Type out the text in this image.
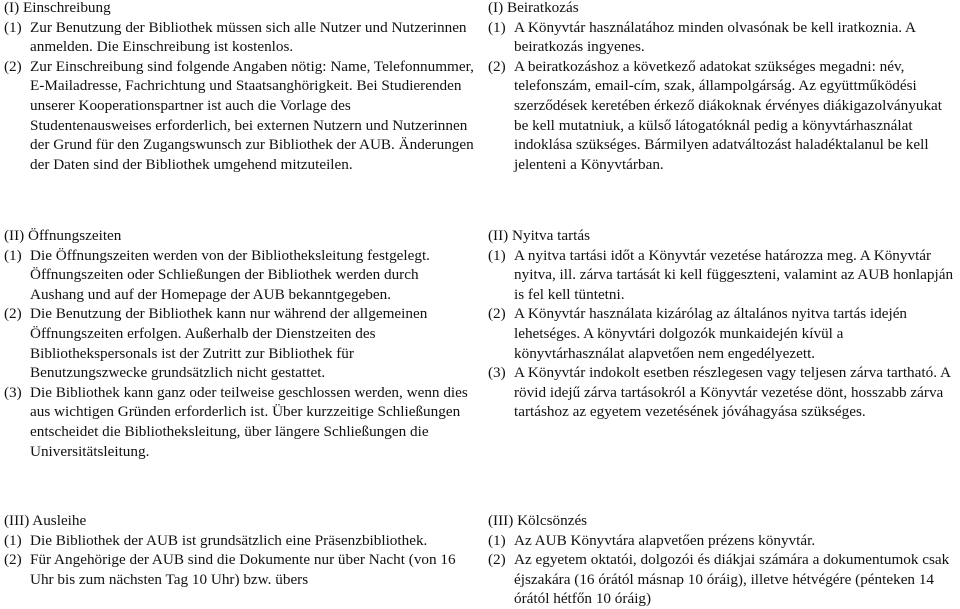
(I) Einschreibung
(1) Zur Benutzung der Bibliothek müssen sich alle Nutzer und Nutzerinnen anmelden. Die Einschreibung ist kostenlos.
(2) Zur Einschreibung sind folgende Angaben nötig: Name, Telefonnummer, E-Mailadresse, Fachrichtung und Staatsanghörigkeit. Bei Studierenden unserer Kooperationspartner ist auch die Vorlage des Studentenausweises erforderlich, bei externen Nutzern und Nutzerinnen der Grund für den Zugangswunsch zur Bibliothek der AUB. Änderungen der Daten sind der Bibliothek umgehend mitzuteilen.
(II) Öffnungszeiten
(1) Die Öffnungszeiten werden von der Bibliotheksleitung festgelegt. Öffnungszeiten oder Schließungen der Bibliothek werden durch Aushang und auf der Homepage der AUB bekanntgegeben.
(2) Die Benutzung der Bibliothek kann nur während der allgemeinen Öffnungszeiten erfolgen. Außerhalb der Dienstzeiten des Bibliothekspersonals ist der Zutritt zur Bibliothek für Benutzungszwecke grundsätzlich nicht gestattet.
(3) Die Bibliothek kann ganz oder teilweise geschlossen werden, wenn dies aus wichtigen Gründen erforderlich ist. Über kurzzeitige Schließungen entscheidet die Bibliotheksleitung, über längere Schließungen die Universitätsleitung.
(III) Ausleihe
(1) Die Bibliothek der AUB ist grundsätzlich eine Präsenzbibliothek.
(2) Für Angehörige der AUB sind die Dokumente nur über Nacht (von 16 Uhr bis zum nächsten Tag 10 Uhr) bzw. übers
(I) Beiratkozás
(1) A Könyvtár használatához minden olvasónak be kell iratkoznia. A beiratkozás ingyenes.
(2) A beiratkozáshoz a következő adatokat szükséges megadni: név, telefonszám, email-cím, szak, állampolgárság. Az együttműködési szerződések keretében érkező diákoknak érvényes diákigazolványukat be kell mutatniuk, a külső látogatóknál pedig a könyvtárhasználat indoklása szükséges. Bármilyen adatváltozást haladéktalanul be kell jelenteni a Könyvtárban.
(II) Nyitva tartás
(1) A nyitva tartási időt a Könyvtár vezetése határozza meg. A Könyvtár nyitva, ill. zárva tartását ki kell függeszteni, valamint az AUB honlapján is fel kell tüntetni.
(2) A Könyvtár használata kizárólag az általános nyitva tartás idején lehetséges. A könyvtári dolgozók munkaidején kívül a könyvtárhasználat alapvetően nem engedélyezett.
(3) A Könyvtár indokolt esetben részlegesen vagy teljesen zárva tartható. A rövid idejű zárva tartásokról a Könyvtár vezetése dönt, hosszabb zárva tartáshoz az egyetem vezetésének jóváhagyása szükséges.
(III) Kölcsönzés
(1) Az AUB Könyvtára alapvetően prézens könyvtár.
(2) Az egyetem oktatói, dolgozói és diákjai számára a dokumentumok csak éjszakára (16 órától másnap 10 óráig), illetve hétvégére (pénteken 14 órától hétfőn 10 óráig)
